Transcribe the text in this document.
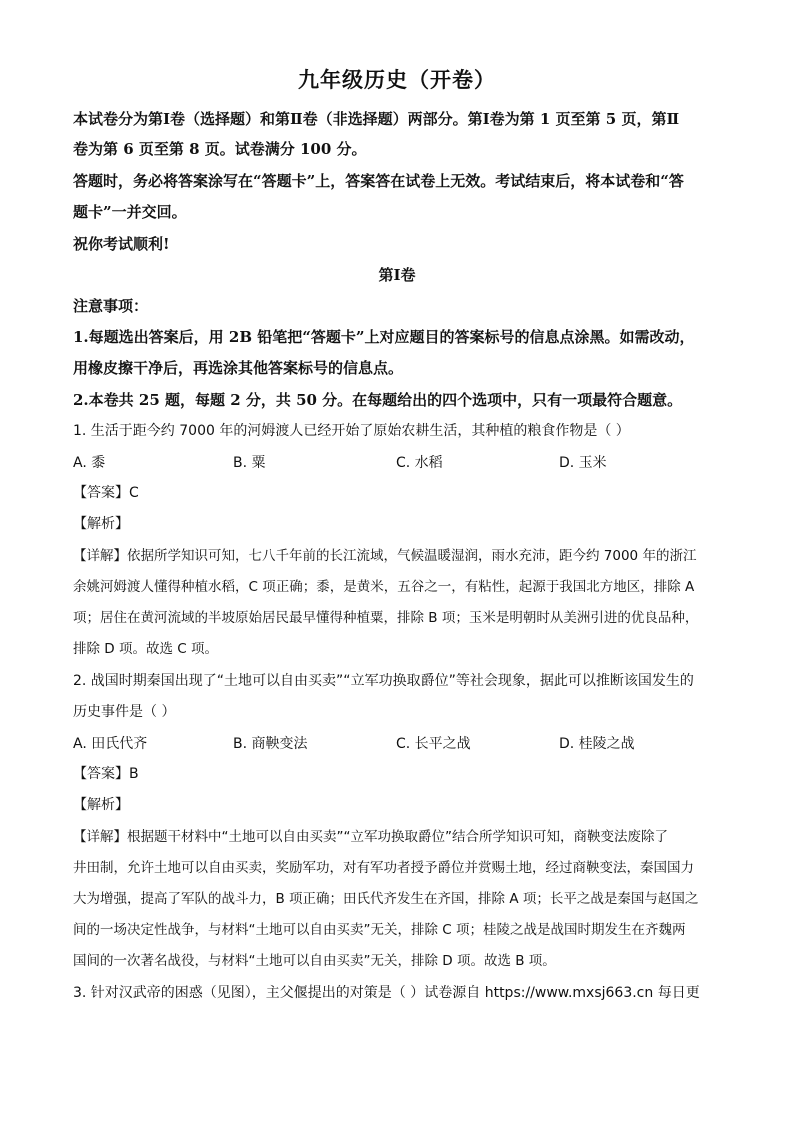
九年级历史（开卷）
本试卷分为第Ⅰ卷（选择题）和第Ⅱ卷（非选择题）两部分。第Ⅰ卷为第 1 页至第 5 页，第Ⅱ
卷为第 6 页至第 8 页。试卷满分 100 分。
答题时，务必将答案涂写在“答题卡”上，答案答在试卷上无效。考试结束后，将本试卷和“答
题卡”一并交回。
祝你考试顺利!
第Ⅰ卷
注意事项：
1.每题选出答案后，用 2B 铅笔把“答题卡”上对应题目的答案标号的信息点涂黑。如需改动，
用橡皮擦干净后，再选涂其他答案标号的信息点。
2.本卷共 25 题，每题 2 分，共 50 分。在每题给出的四个选项中，只有一项最符合题意。
1. 生活于距今约 7000 年的河姆渡人已经开始了原始农耕生活，其种植的粮食作物是（ ）
A. 黍	B. 粟	C. 水稻	D. 玉米
【答案】C
【解析】
【详解】依据所学知识可知，七八千年前的长江流域，气候温暖湿润，雨水充沛，距今约 7000 年的浙江
余姚河姆渡人懂得种植水稻，C 项正确；黍，是黄米，五谷之一，有粘性，起源于我国北方地区，排除 A
项；居住在黄河流域的半坡原始居民最早懂得种植粟，排除 B 项；玉米是明朝时从美洲引进的优良品种，
排除 D 项。故选 C 项。
2. 战国时期秦国出现了“土地可以自由买卖”“立军功换取爵位”等社会现象，据此可以推断该国发生的
历史事件是（ ）
A. 田氏代齐	B. 商鞅变法	C. 长平之战	D. 桂陵之战
【答案】B
【解析】
【详解】根据题干材料中“土地可以自由买卖”“立军功换取爵位”结合所学知识可知，商鞅变法废除了
井田制，允许土地可以自由买卖，奖励军功，对有军功者授予爵位并赏赐土地，经过商鞅变法，秦国国力
大为增强，提高了军队的战斗力，B 项正确；田氏代齐发生在齐国，排除 A 项；长平之战是秦国与赵国之
间的一场决定性战争，与材料“土地可以自由买卖”无关，排除 C 项；桂陵之战是战国时期发生在齐魏两
国间的一次著名战役，与材料“土地可以自由买卖”无关，排除 D 项。故选 B 项。
3. 针对汉武帝的困惑（见图），主父偃提出的对策是（ ）试卷源自 https://www.mxsj663.cn 每日更
